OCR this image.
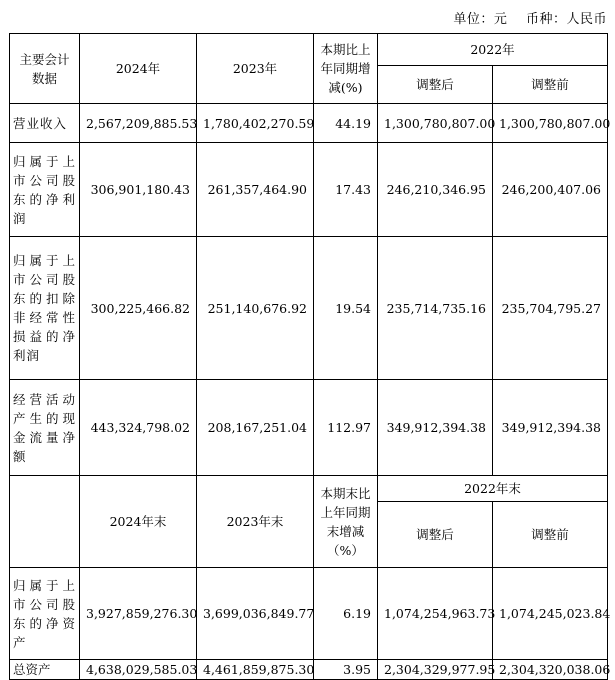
单位：元 币种：人民币
主要会计数据	2024年	2023年	本期比上年同期增减(%)	2022年	
				调整后	调整前
营业收入	2,567,209,885.53	1,780,402,270.59	44.19	1,300,780,807.00	1,300,780,807.00
归属于上市公司股东的净利润	306,901,180.43	261,357,464.90	17.43	246,210,346.95	246,200,407.06
归属于上市公司股东的扣除非经常性损益的净利润	300,225,466.82	251,140,676.92	19.54	235,714,735.16	235,704,795.27
经营活动产生的现金流量净额	443,324,798.02	208,167,251.04	112.97	349,912,394.38	349,912,394.38
	2024年末	2023年末	本期末比上年同期末增减（%）	2022年末	
				调整后	调整前
归属于上市公司股东的净资产	3,927,859,276.30	3,699,036,849.77	6.19	1,074,254,963.73	1,074,245,023.84
总资产	4,638,029,585.03	4,461,859,875.30	3.95	2,304,329,977.95	2,304,320,038.06
